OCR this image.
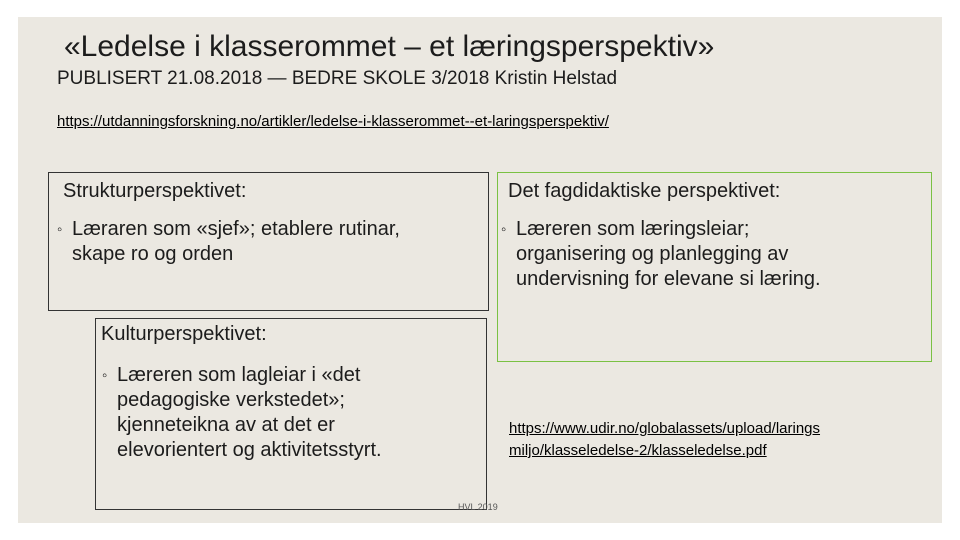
«Ledelse i klasserommet – et læringsperspektiv»
PUBLISERT 21.08.2018 — BEDRE SKOLE 3/2018 Kristin Helstad
https://utdanningsforskning.no/artikler/ledelse-i-klasserommet--et-laringsperspektiv/
Strukturperspektivet:
◦ Læraren som «sjef»; etablere rutinar,
skape ro og orden
Det fagdidaktiske perspektivet:
◦ Læreren som læringsleiar;
organisering og planlegging av
undervisning for elevane si læring.
Kulturperspektivet:
◦ Læreren som lagleiar i «det
pedagogiske verkstedet»;
kjenneteikna av at det er
elevorientert og aktivitetsstyrt.
https://www.udir.no/globalassets/upload/larings
miljo/klasseledelse-2/klasseledelse.pdf
HVL 2019
